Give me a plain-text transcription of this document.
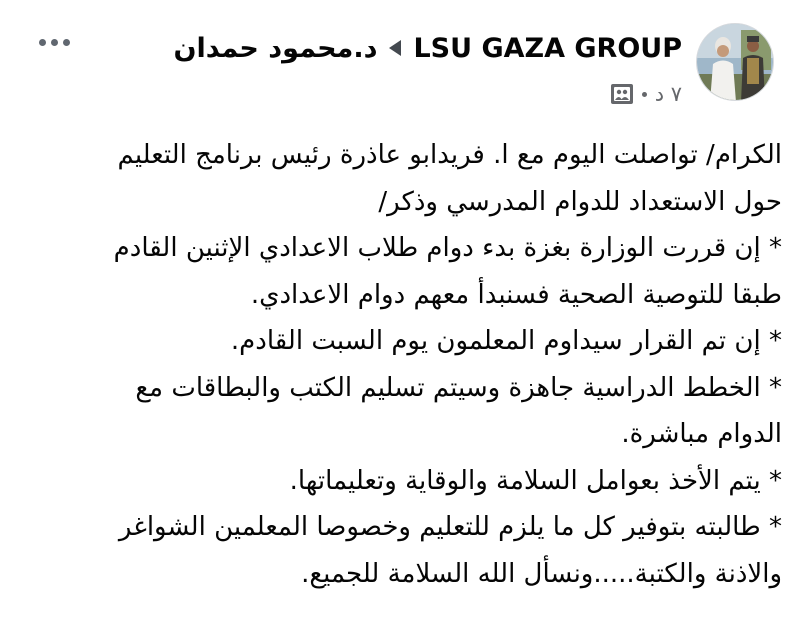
LSU GAZA GROUP
د.محمود حمدان
٧ د

الكرام/ تواصلت اليوم مع ا. فريدابو عاذرة رئيس برنامج التعليم

حول الاستعداد للدوام المدرسي وذكر/

* إن قررت الوزارة بغزة بدء دوام طلاب الاعدادي الإثنين القادم

طبقا للتوصية الصحية فسنبدأ معهم دوام الاعدادي.

* إن تم القرار سيداوم المعلمون يوم السبت القادم.

* الخطط الدراسية جاهزة وسيتم تسليم الكتب والبطاقات مع

الدوام مباشرة.

* يتم الأخذ بعوامل السلامة والوقاية وتعليماتها.

* طالبته بتوفير كل ما يلزم للتعليم وخصوصا المعلمين الشواغر

والاذنة والكتبة.....ونسأل الله السلامة للجميع.
